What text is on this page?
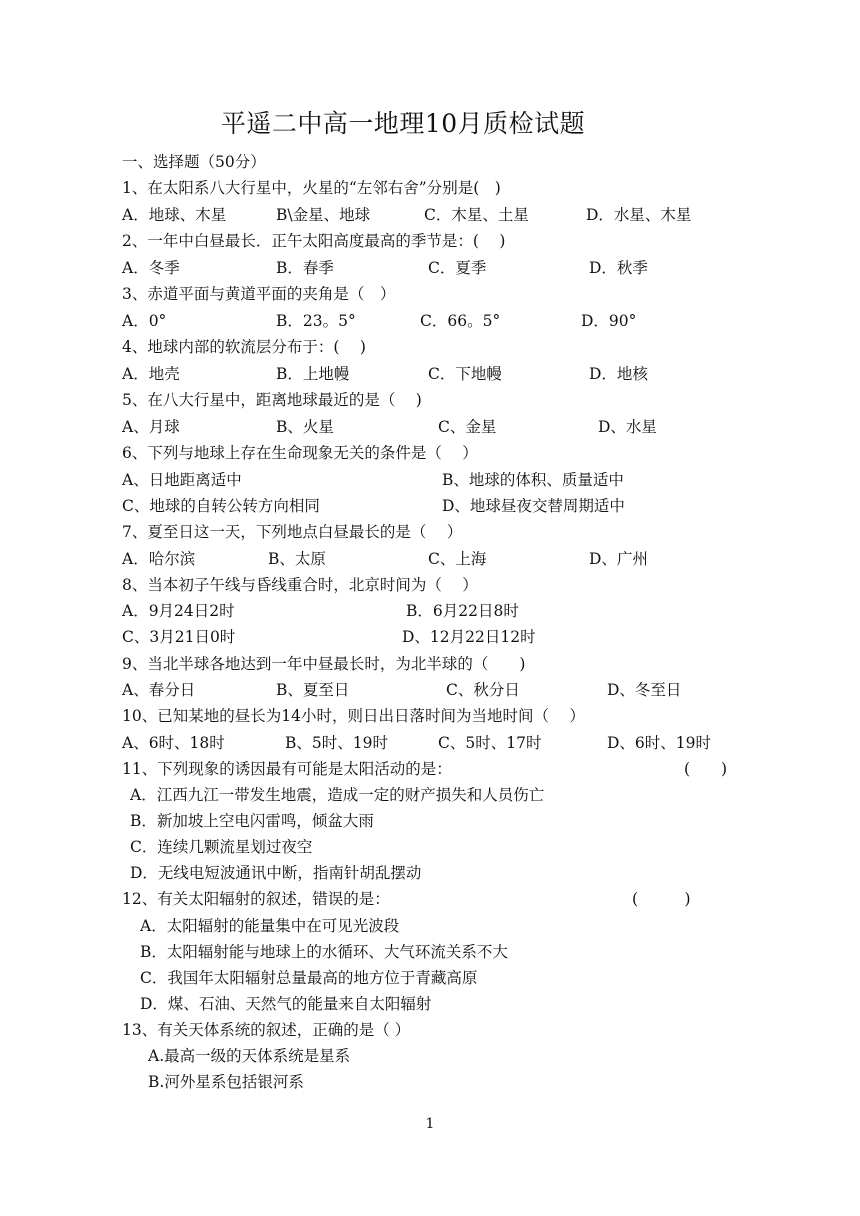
平遥二中高一地理10月质检试题
一、选择题（50分）
1、在太阳系八大行星中，火星的“左邻右舍”分别是(　)
A．地球、木星	B\金星、地球	C．木星、土星	D．水星、木星
2、一年中白昼最长．正午太阳高度最高的季节是：(　 )
A．冬季	B．春季	C．夏季	D．秋季
3、赤道平面与黄道平面的夹角是（　）
A．0°	B．23。5°	C．66。5°	D．90°
4、地球内部的软流层分布于：(　 )
A．地壳	B．上地幔	C．下地幔	D．地核
5、在八大行星中，距离地球最近的是（　 )
A、月球	B、火星	C、金星	D、水星
6、下列与地球上存在生命现象无关的条件是（　 ）
A、日地距离适中	B、地球的体积、质量适中
C、地球的自转公转方向相同	D、地球昼夜交替周期适中
7、夏至日这一天，下列地点白昼最长的是（　 ）
A．哈尔滨	B、太原	C、上海	D、广州
8、当本初子午线与昏线重合时，北京时间为（　 ）
A．9月24日2时	B．6月22日8时
C、3月21日0时	D、12月22日12时
9、当北半球各地达到一年中昼最长时，为北半球的（　　)
A、春分日	B、夏至日	C、秋分日	D、冬至日
10、已知某地的昼长为14小时，则日出日落时间为当地时间（　 ）
A、6时、18时	B、5时、19时	C、5时、17时	D、6时、19时
11、下列现象的诱因最有可能是太阳活动的是：	(　　)
A．江西九江一带发生地震，造成一定的财产损失和人员伤亡
B．新加坡上空电闪雷鸣，倾盆大雨
C．连续几颗流星划过夜空
D．无线电短波通讯中断，指南针胡乱摆动
12、有关太阳辐射的叙述，错误的是：	(　　　)
A．太阳辐射的能量集中在可见光波段
B．太阳辐射能与地球上的水循环、大气环流关系不大
C．我国年太阳辐射总量最高的地方位于青藏高原
D．煤、石油、天然气的能量来自太阳辐射
13、有关天体系统的叙述，正确的是（ ）
A.最高一级的天体系统是星系
B.河外星系包括银河系
1
